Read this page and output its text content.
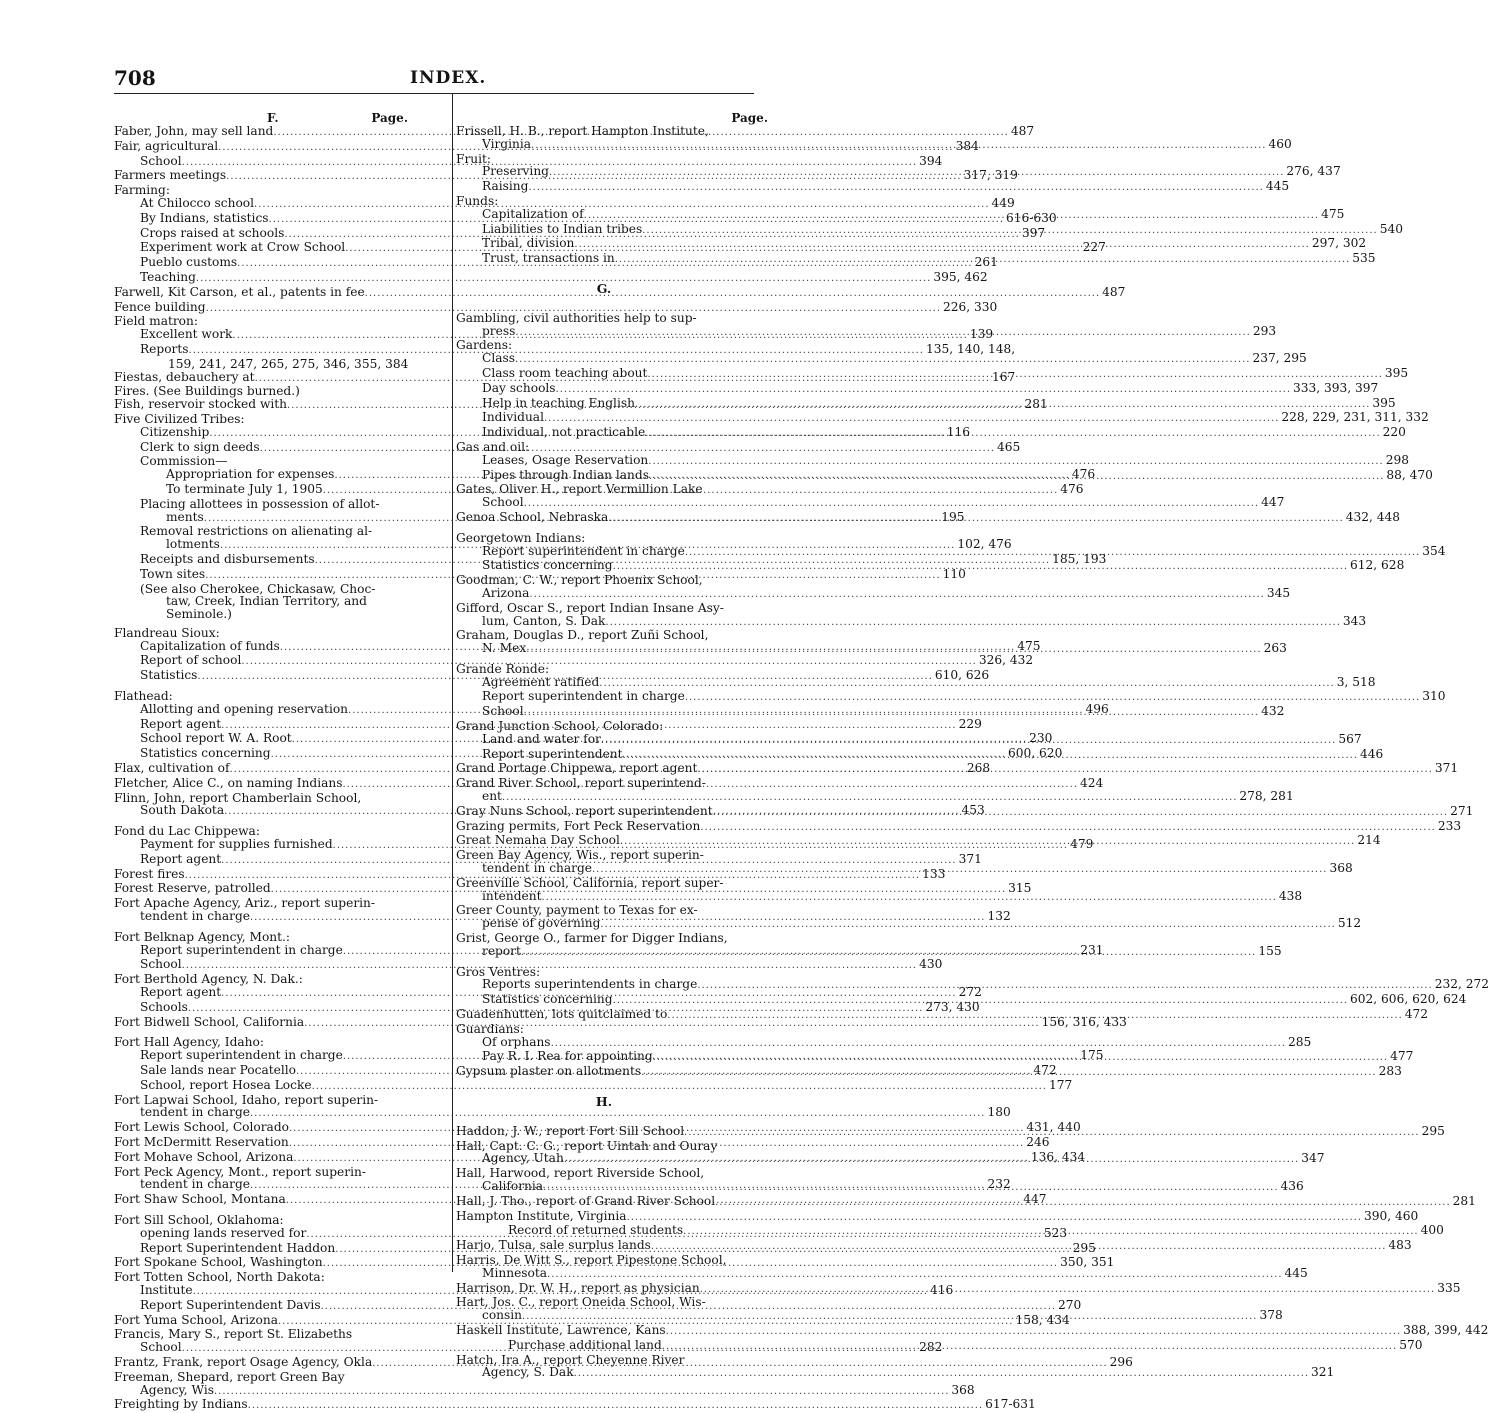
708	INDEX.
F.	Page.
Faber, John, may sell land .....	487
Fair, agricultural .....	384
School .....	394
Farmers meetings .....	317, 319
Farming:
At Chilocco school .....	449
By Indians, statistics .....	616-630
Crops raised at schools .....	397
Experiment work at Crow School .....	227
Pueblo customs .....	261
Teaching .....	395, 462
Farwell, Kit Carson, et al., patents in fee .....	487
Fence building .....	226, 330
Field matron:
Excellent work .....	139
Reports .....	135, 140, 148,
159, 241, 247, 265, 275, 346, 355, 384
Fiestas, debauchery at .....	167
Fires. (See Buildings burned.)
Fish, reservoir stocked with .....	281
Five Civilized Tribes:
Citizenship .....	116
Clerk to sign deeds .....	465
Commission—
Appropriation for expenses .....	476
To terminate July 1, 1905 .....	476
Placing allottees in possession of allot-
ments .....	195
Removal restrictions on alienating al-
lotments .....	102, 476
Receipts and disbursements .....	185, 193
Town sites .....	110
(See also Cherokee, Chickasaw, Choc-
taw, Creek, Indian Territory, and
Seminole.)
Flandreau Sioux:
Capitalization of funds .....	475
Report of school .....	326, 432
Statistics .....	610, 626
Flathead:
Allotting and opening reservation .....	496
Report agent .....	229
School report W. A. Root .....	230
Statistics concerning .....	600, 620
Flax, cultivation of .....	268
Fletcher, Alice C., on naming Indians .....	424
Flinn, John, report Chamberlain School,
South Dakota .....	453
Fond du Lac Chippewa:
Payment for supplies furnished .....	479
Report agent .....	371
Forest fires .....	133
Forest Reserve, patrolled .....	315
Fort Apache Agency, Ariz., report superin-
tendent in charge .....	132
Fort Belknap Agency, Mont.:
Report superintendent in charge .....	231
School .....	430
Fort Berthold Agency, N. Dak.:
Report agent .....	272
Schools .....	273, 430
Fort Bidwell School, California .....	156, 316, 433
Fort Hall Agency, Idaho:
Report superintendent in charge .....	175
Sale lands near Pocatello .....	472
School, report Hosea Locke .....	177
Fort Lapwai School, Idaho, report superin-
tendent in charge .....	180
Fort Lewis School, Colorado .....	431, 440
Fort McDermitt Reservation .....	246
Fort Mohave School, Arizona .....	136, 434
Fort Peck Agency, Mont., report superin-
tendent in charge .....	232
Fort Shaw School, Montana .....	447
Fort Sill School, Oklahoma:
opening lands reserved for .....	523
Report Superintendent Haddon .....	295
Fort Spokane School, Washington .....	350, 351
Fort Totten School, North Dakota:
Institute .....	416
Report Superintendent Davis .....	270
Fort Yuma School, Arizona .....	158, 434
Francis, Mary S., report St. Elizabeths
School .....	282
Frantz, Frank, report Osage Agency, Okla .....	296
Freeman, Shepard, report Green Bay
Agency, Wis .....	368
Freighting by Indians .....	617-631
Page.
Frissell, H. B., report Hampton Institute,
Virginia .....	460
Fruit:
Preserving .....	276, 437
Raising .....	445
Funds:
Capitalization of .....	475
Liabilities to Indian tribes .....	540
Tribal, division .....	297, 302
Trust, transactions in .....	535
G.
Gambling, civil authorities help to sup-
press .....	293
Gardens:
Class .....	237, 295
Class room teaching about .....	395
Day schools .....	333, 393, 397
Help in teaching English .....	395
Individual .....	228, 229, 231, 311, 332
Individual, not practicable .....	220
Gas and oil:
Leases, Osage Reservation .....	298
Pipes through Indian lands .....	88, 470
Gates, Oliver H., report Vermillion Lake
School .....	447
Genoa School, Nebraska .....	432, 448
Georgetown Indians:
Report superintendent in charge .....	354
Statistics concerning .....	612, 628
Goodman, C. W., report Phoenix School,
Arizona .....	345
Gifford, Oscar S., report Indian Insane Asy-
lum, Canton, S. Dak .....	343
Graham, Douglas D., report Zuñi School,
N. Mex .....	263
Grande Ronde:
Agreement ratified .....	3, 518
Report superintendent in charge .....	310
School .....	432
Grand Junction School, Colorado:
Land and water for .....	567
Report superintendent .....	446
Grand Portage Chippewa, report agent .....	371
Grand River School, report superintend-
ent .....	278, 281
Gray Nuns School, report superintendent .....	271
Grazing permits, Fort Peck Reservation .....	233
Great Nemaha Day School .....	214
Green Bay Agency, Wis., report superin-
tendent in charge .....	368
Greenville School, California, report super-
intendent .....	438
Greer County, payment to Texas for ex-
pense of governing .....	512
Grist, George O., farmer for Digger Indians,
report .....	155
Gros Ventres:
Reports superintendents in charge .....	232, 272
Statistics concerning .....	602, 606, 620, 624
Guadenhutten, lots quitclaimed to .....	472
Guardians:
Of orphans .....	285
Pay R. I. Rea for appointing .....	477
Gypsum plaster on allotments .....	283
H.
Haddon, J. W., report Fort Sill School .....	295
Hall, Capt. C. G., report Uintah and Ouray
Agency, Utah .....	347
Hall, Harwood, report Riverside School,
California .....	436
Hall, J. Tho., report of Grand River School .....	281
Hampton Institute, Virginia .....	390, 460
Record of returned students .....	400
Harjo, Tulsa, sale surplus lands .....	483
Harris, De Witt S., report Pipestone School,
Minnesota .....	445
Harrison, Dr. W. H., report as physician .....	335
Hart, Jos. C., report Oneida School, Wis-
consin .....	378
Haskell Institute, Lawrence, Kans .....	388, 399, 442
Purchase additional land .....	570
Hatch, Ira A., report Cheyenne River
Agency, S. Dak .....	321
